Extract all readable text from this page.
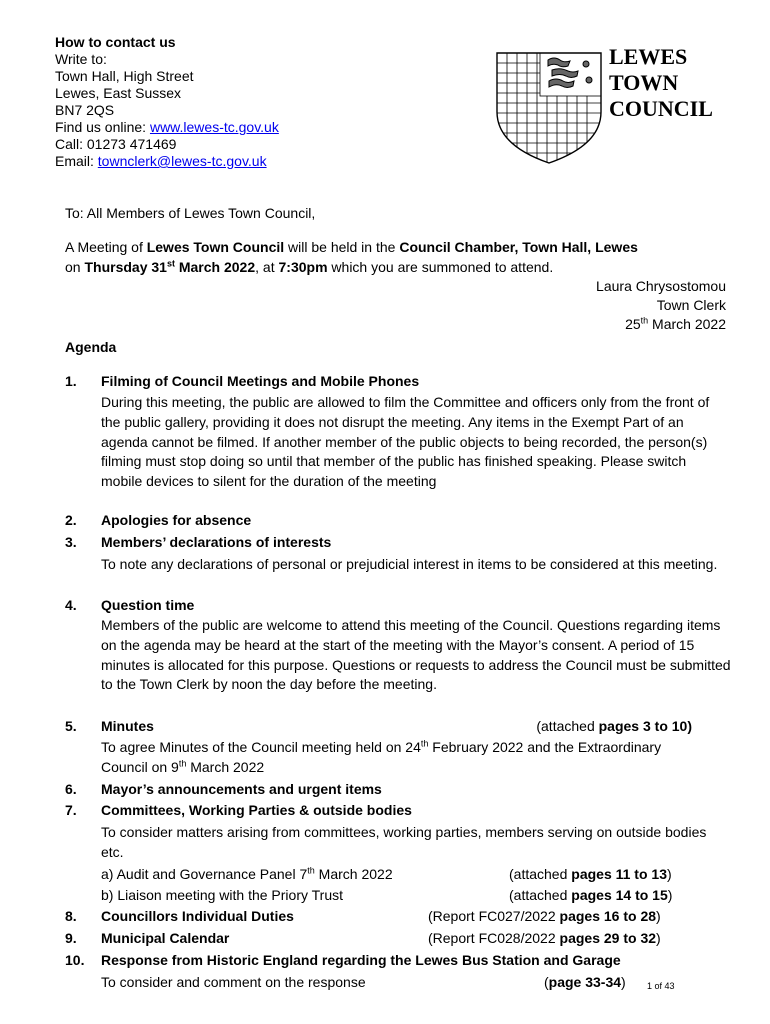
How to contact us
Write to:
Town Hall, High Street
Lewes, East Sussex
BN7 2QS
Find us online: www.lewes-tc.gov.uk
Call: 01273 471469
Email: townclerk@lewes-tc.gov.uk
LEWES
TOWN
COUNCIL
To: All Members of Lewes Town Council,
A Meeting of Lewes Town Council will be held in the Council Chamber, Town Hall, Lewes
on Thursday 31st March 2022, at 7:30pm which you are summoned to attend.
Laura Chrysostomou
Town Clerk
25th March 2022
Agenda
1. Filming of Council Meetings and Mobile Phones
During this meeting, the public are allowed to film the Committee and officers only from the front of the public gallery, providing it does not disrupt the meeting. Any items in the Exempt Part of an agenda cannot be filmed. If another member of the public objects to being recorded, the person(s) filming must stop doing so until that member of the public has finished speaking. Please switch mobile devices to silent for the duration of the meeting
2. Apologies for absence
3. Members’ declarations of interests
To note any declarations of personal or prejudicial interest in items to be considered at this meeting.
4. Question time
Members of the public are welcome to attend this meeting of the Council. Questions regarding items on the agenda may be heard at the start of the meeting with the Mayor’s consent. A period of 15 minutes is allocated for this purpose. Questions or requests to address the Council must be submitted to the Town Clerk by noon the day before the meeting.
5. Minutes	(attached pages 3 to 10)
To agree Minutes of the Council meeting held on 24th February 2022 and the Extraordinary
Council on 9th March 2022
6. Mayor’s announcements and urgent items
7. Committees, Working Parties & outside bodies
To consider matters arising from committees, working parties, members serving on outside bodies etc.
a) Audit and Governance Panel 7th March 2022	(attached pages 11 to 13)
b) Liaison meeting with the Priory Trust	(attached pages 14 to 15)
8. Councillors Individual Duties	(Report FC027/2022 pages 16 to 28)
9. Municipal Calendar	(Report FC028/2022 pages 29 to 32)
10. Response from Historic England regarding the Lewes Bus Station and Garage
To consider and comment on the response	(page 33-34) 1 of 43
